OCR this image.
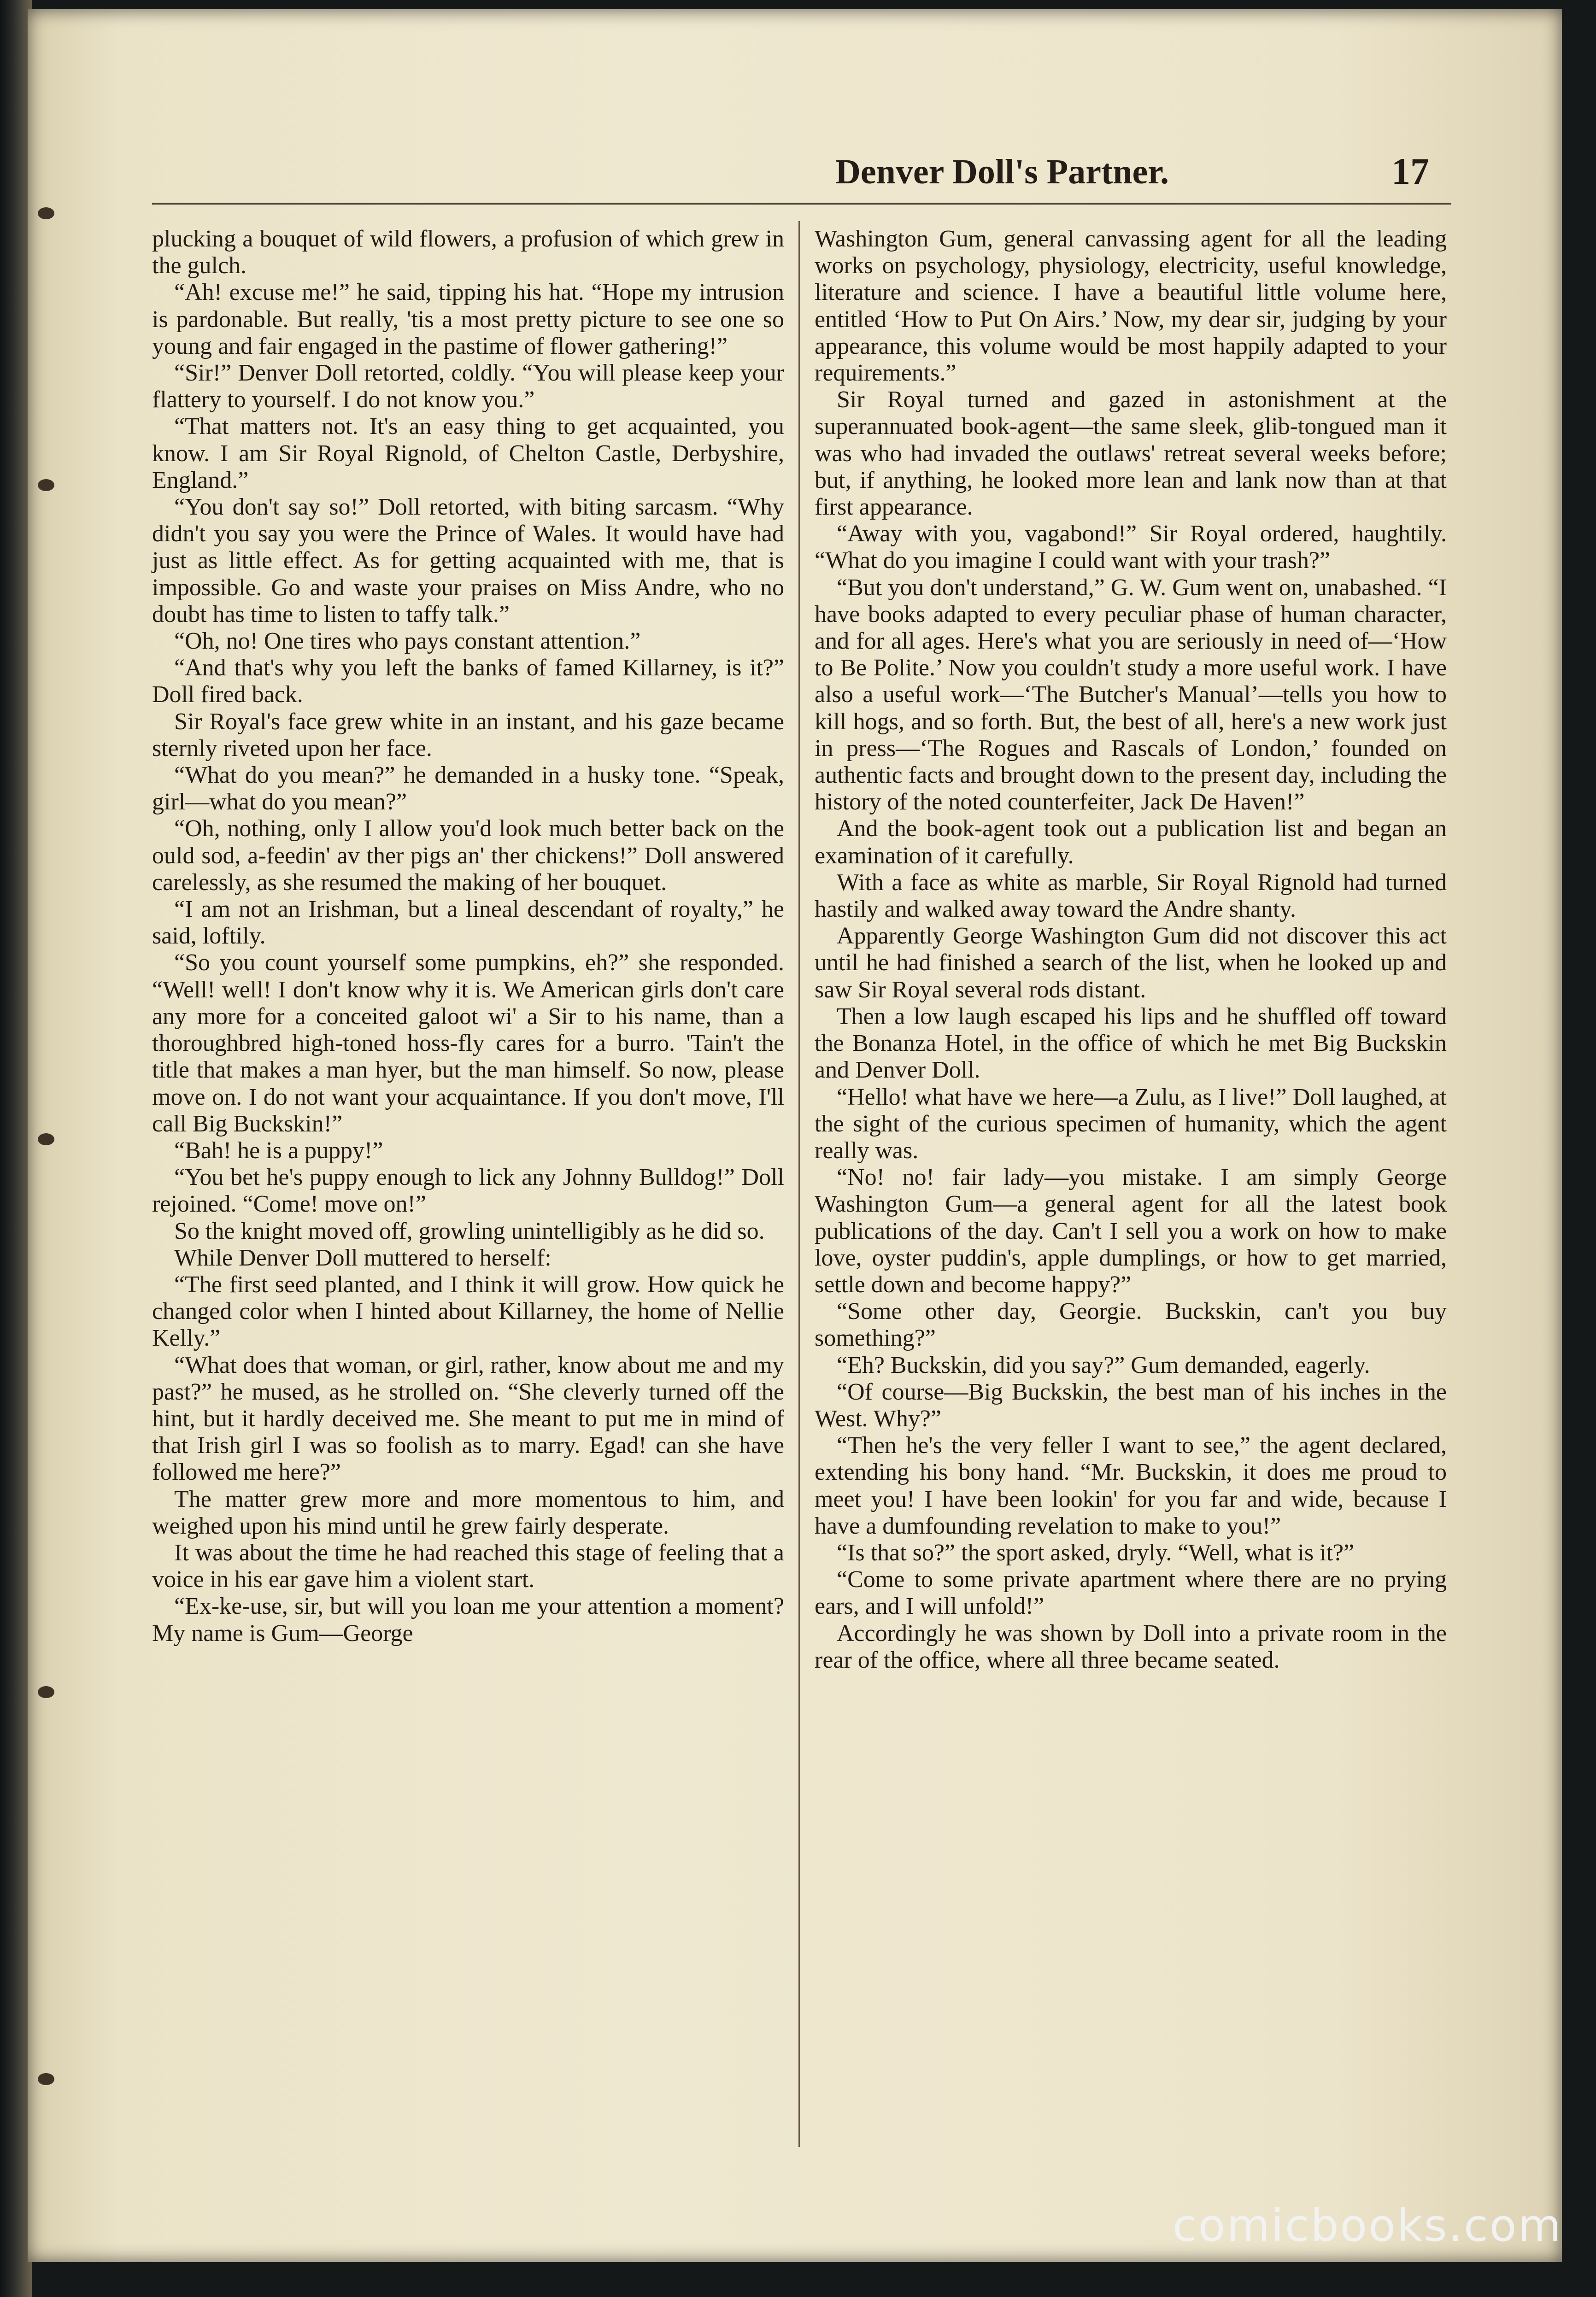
Denver Doll's Partner.	17

plucking a bouquet of wild flowers, a profusion of which grew in the gulch.

“Ah! excuse me!” he said, tipping his hat. “Hope my intrusion is pardonable. But really, 'tis a most pretty picture to see one so young and fair engaged in the pastime of flower gathering!”

“Sir!” Denver Doll retorted, coldly. “You will please keep your flattery to yourself. I do not know you.”

“That matters not. It's an easy thing to get acquainted, you know. I am Sir Royal Rignold, of Chelton Castle, Derbyshire, England.”

“You don't say so!” Doll retorted, with biting sarcasm. “Why didn't you say you were the Prince of Wales. It would have had just as little effect. As for getting acquainted with me, that is impossible. Go and waste your praises on Miss Andre, who no doubt has time to listen to taffy talk.”

“Oh, no! One tires who pays constant attention.”

“And that's why you left the banks of famed Killarney, is it?” Doll fired back.

Sir Royal's face grew white in an instant, and his gaze became sternly riveted upon her face.

“What do you mean?” he demanded in a husky tone. “Speak, girl—what do you mean?”

“Oh, nothing, only I allow you'd look much better back on the ould sod, a-feedin' av ther pigs an' ther chickens!” Doll answered carelessly, as she resumed the making of her bouquet.

“I am not an Irishman, but a lineal descendant of royalty,” he said, loftily.

“So you count yourself some pumpkins, eh?” she responded. “Well! well! I don't know why it is. We American girls don't care any more for a conceited galoot wi' a Sir to his name, than a thoroughbred high-toned hoss-fly cares for a burro. 'Tain't the title that makes a man hyer, but the man himself. So now, please move on. I do not want your acquaintance. If you don't move, I'll call Big Buckskin!”

“Bah! he is a puppy!”

“You bet he's puppy enough to lick any Johnny Bulldog!” Doll rejoined. “Come! move on!”

So the knight moved off, growling unintelligibly as he did so.

While Denver Doll muttered to herself:

“The first seed planted, and I think it will grow. How quick he changed color when I hinted about Killarney, the home of Nellie Kelly.”

“What does that woman, or girl, rather, know about me and my past?” he mused, as he strolled on. “She cleverly turned off the hint, but it hardly deceived me. She meant to put me in mind of that Irish girl I was so foolish as to marry. Egad! can she have followed me here?”

The matter grew more and more momentous to him, and weighed upon his mind until he grew fairly desperate.

It was about the time he had reached this stage of feeling that a voice in his ear gave him a violent start.

“Ex-ke-use, sir, but will you loan me your attention a moment? My name is Gum—George

Washington Gum, general canvassing agent for all the leading works on psychology, physiology, electricity, useful knowledge, literature and science. I have a beautiful little volume here, entitled ‘How to Put On Airs.’ Now, my dear sir, judging by your appearance, this volume would be most happily adapted to your requirements.”

Sir Royal turned and gazed in astonishment at the superannuated book-agent—the same sleek, glib-tongued man it was who had invaded the outlaws' retreat several weeks before; but, if anything, he looked more lean and lank now than at that first appearance.

“Away with you, vagabond!” Sir Royal ordered, haughtily. “What do you imagine I could want with your trash?”

“But you don't understand,” G. W. Gum went on, unabashed. “I have books adapted to every peculiar phase of human character, and for all ages. Here's what you are seriously in need of—‘How to Be Polite.’ Now you couldn't study a more useful work. I have also a useful work—‘The Butcher's Manual’—tells you how to kill hogs, and so forth. But, the best of all, here's a new work just in press—‘The Rogues and Rascals of London,’ founded on authentic facts and brought down to the present day, including the history of the noted counterfeiter, Jack De Haven!”

And the book-agent took out a publication list and began an examination of it carefully.

With a face as white as marble, Sir Royal Rignold had turned hastily and walked away toward the Andre shanty.

Apparently George Washington Gum did not discover this act until he had finished a search of the list, when he looked up and saw Sir Royal several rods distant.

Then a low laugh escaped his lips and he shuffled off toward the Bonanza Hotel, in the office of which he met Big Buckskin and Denver Doll.

“Hello! what have we here—a Zulu, as I live!” Doll laughed, at the sight of the curious specimen of humanity, which the agent really was.

“No! no! fair lady—you mistake. I am simply George Washington Gum—a general agent for all the latest book publications of the day. Can't I sell you a work on how to make love, oyster puddin's, apple dumplings, or how to get married, settle down and become happy?”

“Some other day, Georgie. Buckskin, can't you buy something?”

“Eh? Buckskin, did you say?” Gum demanded, eagerly.

“Of course—Big Buckskin, the best man of his inches in the West. Why?”

“Then he's the very feller I want to see,” the agent declared, extending his bony hand. “Mr. Buckskin, it does me proud to meet you! I have been lookin' for you far and wide, because I have a dumfounding revelation to make to you!”

“Is that so?” the sport asked, dryly. “Well, what is it?”

“Come to some private apartment where there are no prying ears, and I will unfold!”

Accordingly he was shown by Doll into a private room in the rear of the office, where all three became seated.

comicbooks.com
